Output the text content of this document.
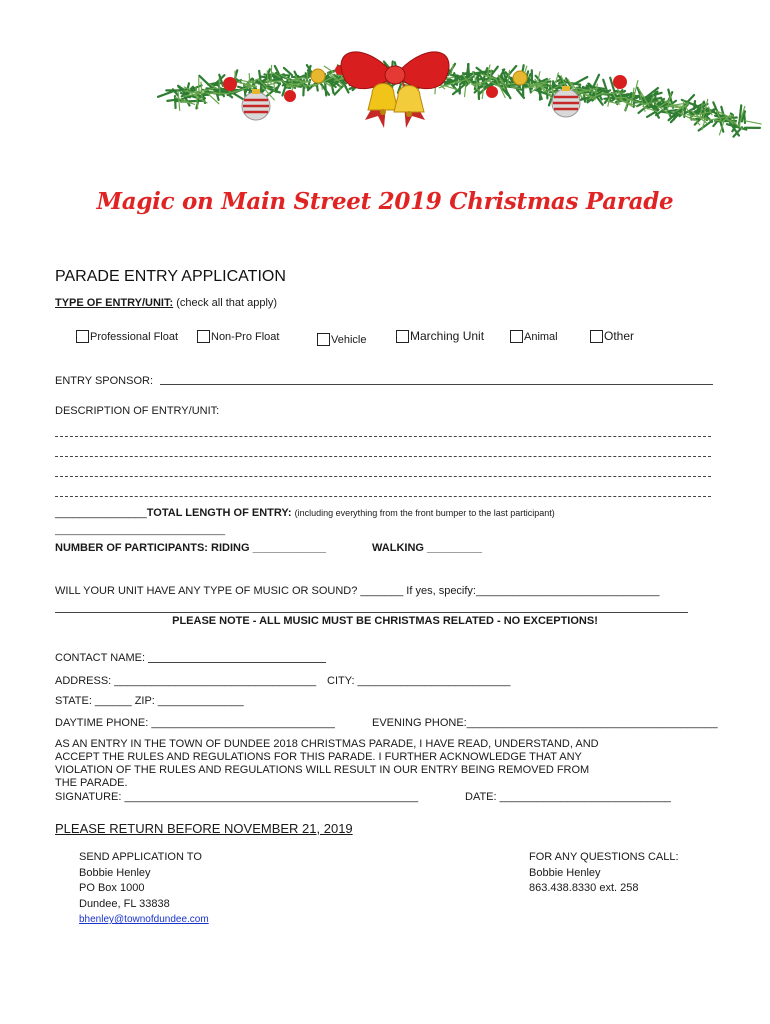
Magic on Main Street 2019 Christmas Parade
PARADE ENTRY APPLICATION
TYPE OF ENTRY/UNIT: (check all that apply)
Professional Float	Non-Pro Float	Vehicle	Marching Unit	Animal	Other
ENTRY SPONSOR:
DESCRIPTION OF ENTRY/UNIT:
_______________TOTAL LENGTH OF ENTRY: (including everything from the front bumper to the last participant)
__________________________________
NUMBER OF PARTICIPANTS: RIDING ____________	WALKING _________
WILL YOUR UNIT HAVE ANY TYPE OF MUSIC OR SOUND? _______ If yes, specify:______________________________
PLEASE NOTE - ALL MUSIC MUST BE CHRISTMAS RELATED - NO EXCEPTIONS!
CONTACT NAME:
ADDRESS: _________________________________ CITY: _________________________
STATE: ______ ZIP: ______________
DAYTIME PHONE: ______________________________	EVENING PHONE:_________________________________________
AS AN ENTRY IN THE TOWN OF DUNDEE 2018 CHRISTMAS PARADE, I HAVE READ, UNDERSTAND, AND
ACCEPT THE RULES AND REGULATIONS FOR THIS PARADE. I FURTHER ACKNOWLEDGE THAT ANY
VIOLATION OF THE RULES AND REGULATIONS WILL RESULT IN OUR ENTRY BEING REMOVED FROM
THE PARADE.
SIGNATURE: ________________________________________________	DATE: ____________________________
PLEASE RETURN BEFORE NOVEMBER 21, 2019
SEND APPLICATION TO
Bobbie Henley
PO Box 1000
Dundee, FL 33838
bhenley@townofdundee.com
FOR ANY QUESTIONS CALL:
Bobbie Henley
863.438.8330 ext. 258
